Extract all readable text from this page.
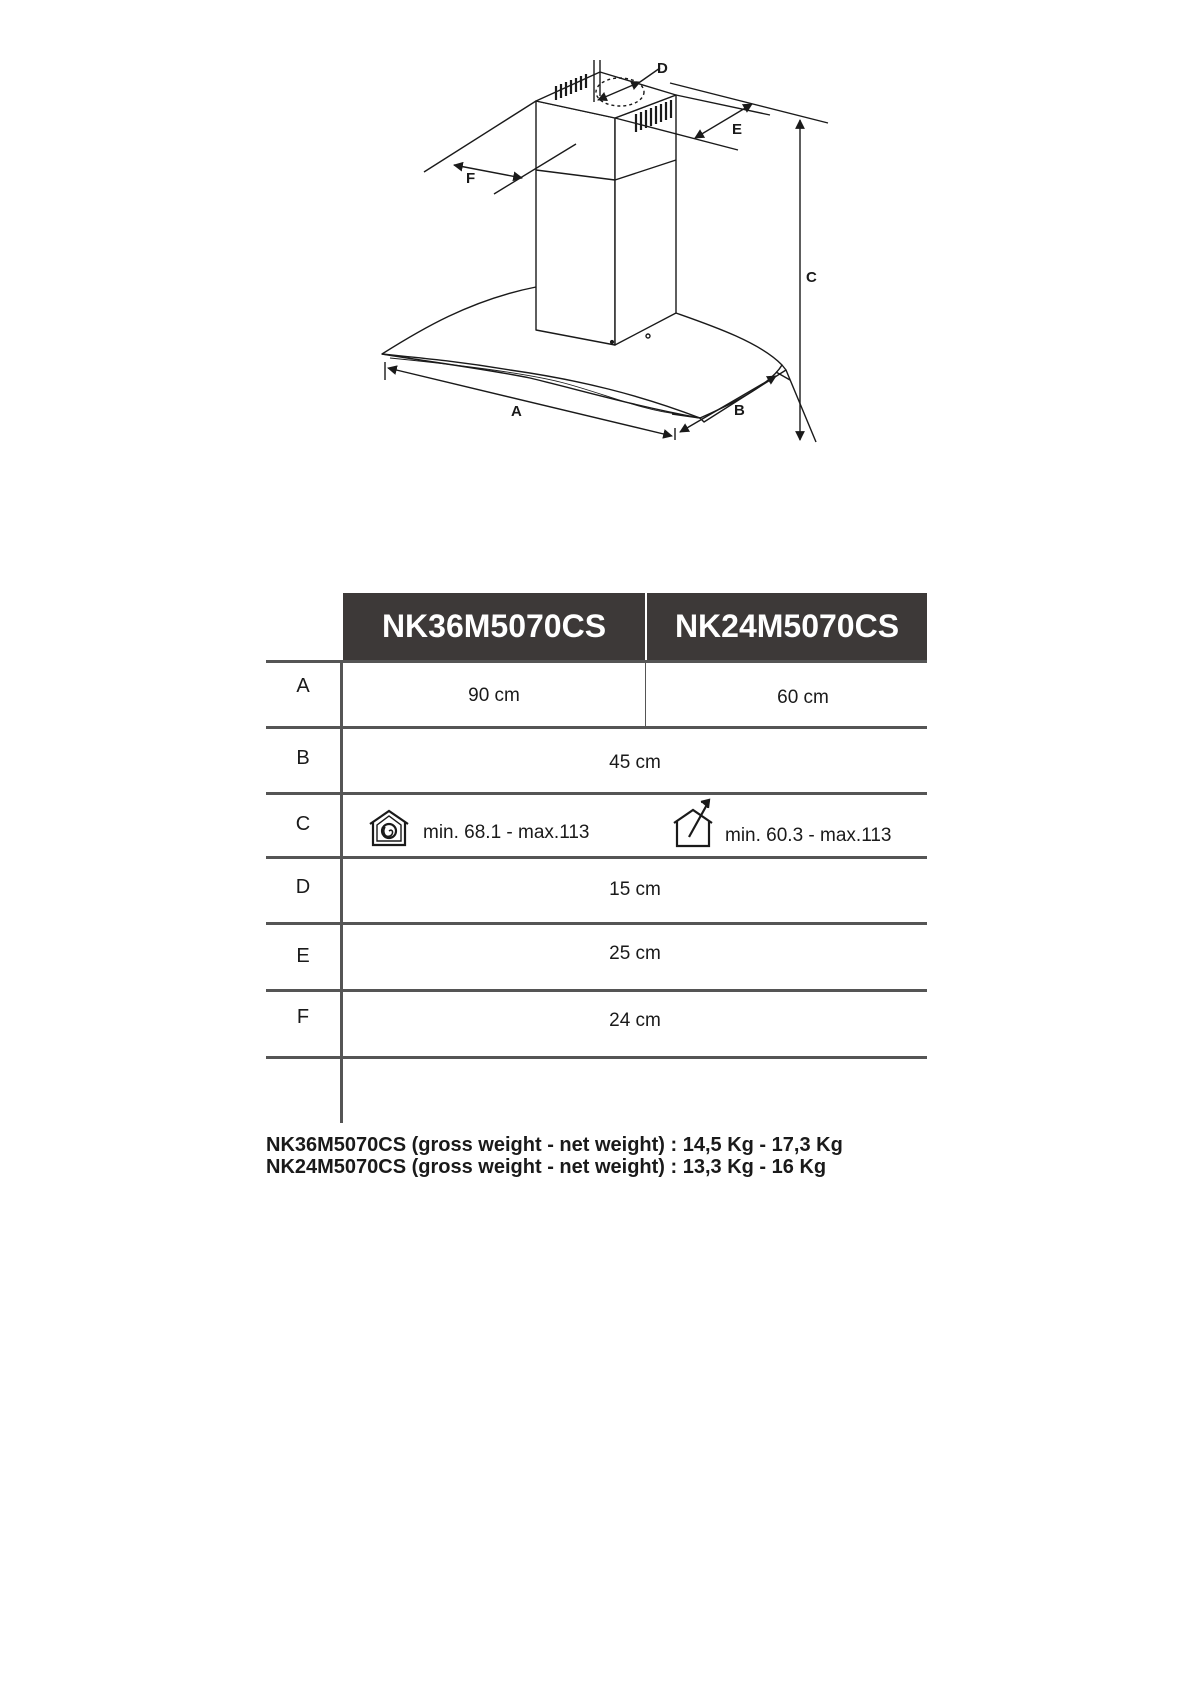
D
E
F
C
A	B
NK36M5070CS	NK24M5070CS
A	90 cm	60 cm
B	45 cm
C	min. 68.1 - max.113	min. 60.3 - max.113
D	15 cm
E	25 cm
F	24 cm
NK36M5070CS (gross weight - net weight) : 14,5 Kg - 17,3 Kg
NK24M5070CS (gross weight - net weight) : 13,3 Kg - 16 Kg
